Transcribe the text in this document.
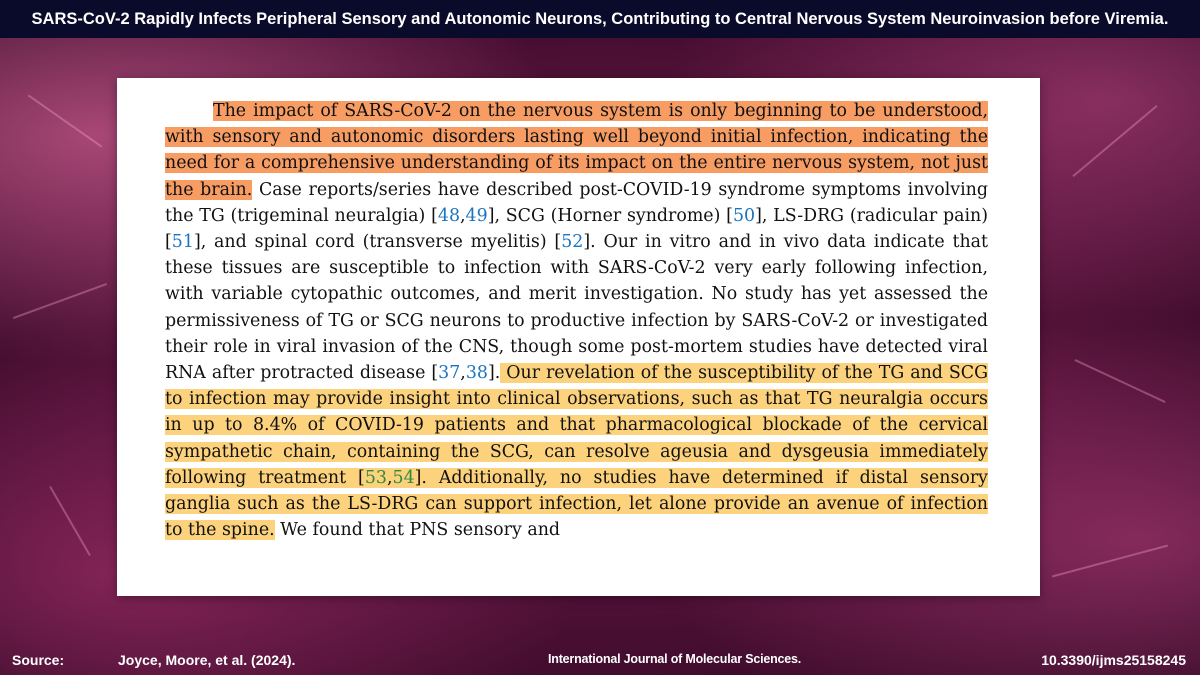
SARS-CoV-2 Rapidly Infects Peripheral Sensory and Autonomic Neurons, Contributing to Central Nervous System Neuroinvasion before Viremia.

The impact of SARS-CoV-2 on the nervous system is only beginning to be understood, with sensory and autonomic disorders lasting well beyond initial infection, indicating the need for a comprehensive understanding of its impact on the entire nervous system, not just the brain. Case reports/series have described post-COVID-19 syndrome symptoms involving the TG (trigeminal neuralgia) [48,49], SCG (Horner syndrome) [50], LS-DRG (radicular pain) [51], and spinal cord (transverse myelitis) [52]. Our in vitro and in vivo data indicate that these tissues are susceptible to infection with SARS-CoV-2 very early following infection, with variable cytopathic outcomes, and merit investigation. No study has yet assessed the permissiveness of TG or SCG neurons to productive infection by SARS-CoV-2 or investigated their role in viral invasion of the CNS, though some post-mortem studies have detected viral RNA after protracted disease [37,38]. Our revelation of the susceptibility of the TG and SCG to infection may provide insight into clinical observations, such as that TG neuralgia occurs in up to 8.4% of COVID-19 patients and that pharmacological blockade of the cervical sympathetic chain, containing the SCG, can resolve ageusia and dysgeusia immediately following treatment [53,54]. Additionally, no studies have determined if distal sensory ganglia such as the LS-DRG can support infection, let alone provide an avenue of infection to the spine. We found that PNS sensory and

Source:	Joyce, Moore, et al. (2024).	International Journal of Molecular Sciences.	10.3390/ijms25158245
